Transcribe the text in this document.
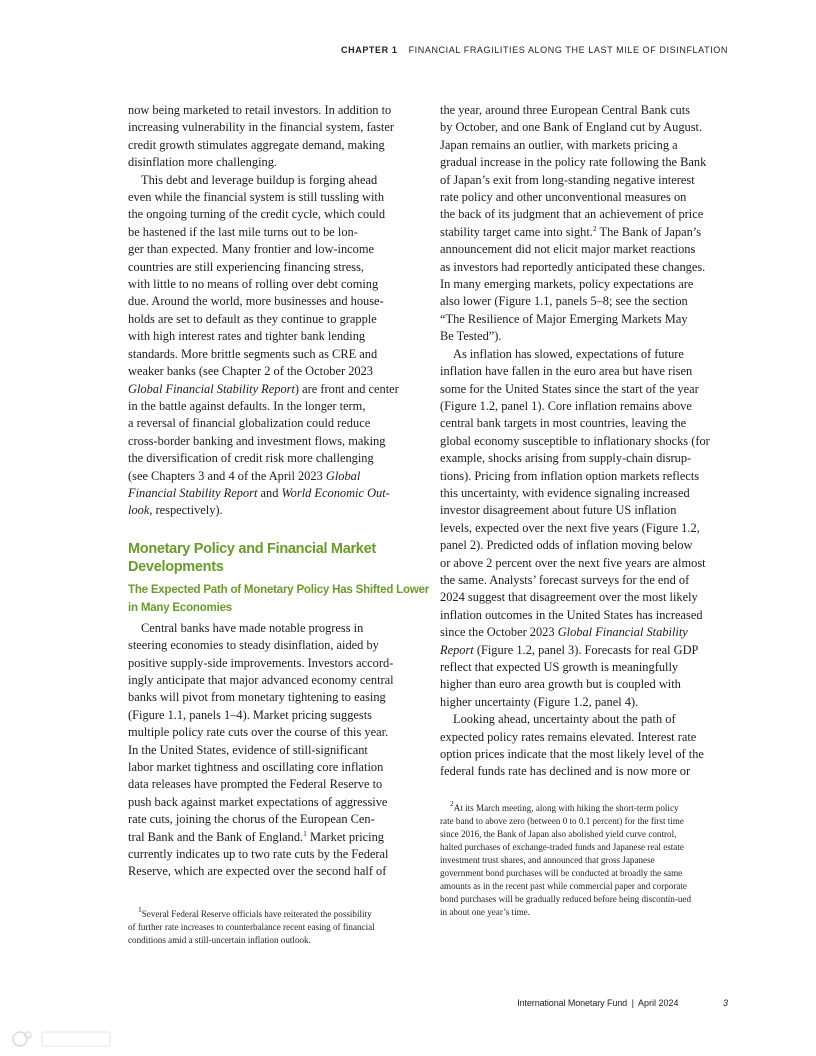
CHAPTER 1 FINANCIAL FRAGILITIES ALONG THE LAST MILE OF DISINFLATION
now being marketed to retail investors. In addition to
increasing vulnerability in the financial system, faster
credit growth stimulates aggregate demand, making
disinflation more challenging.
This debt and leverage buildup is forging ahead
even while the financial system is still tussling with
the ongoing turning of the credit cycle, which could
be hastened if the last mile turns out to be lon-
ger than expected. Many frontier and low-income
countries are still experiencing financing stress,
with little to no means of rolling over debt coming
due. Around the world, more businesses and house-
holds are set to default as they continue to grapple
with high interest rates and tighter bank lending
standards. More brittle segments such as CRE and
weaker banks (see Chapter 2 of the October 2023
Global Financial Stability Report) are front and center
in the battle against defaults. In the longer term,
a reversal of financial globalization could reduce
cross-border banking and investment flows, making
the diversification of credit risk more challenging
(see Chapters 3 and 4 of the April 2023 Global
Financial Stability Report and World Economic Out-
look, respectively).
Monetary Policy and Financial Market
Developments
The Expected Path of Monetary Policy Has Shifted Lower
in Many Economies
Central banks have made notable progress in
steering economies to steady disinflation, aided by
positive supply-side improvements. Investors accord-
ingly anticipate that major advanced economy central
banks will pivot from monetary tightening to easing
(Figure 1.1, panels 1–4). Market pricing suggests
multiple policy rate cuts over the course of this year.
In the United States, evidence of still-significant
labor market tightness and oscillating core inflation
data releases have prompted the Federal Reserve to
push back against market expectations of aggressive
rate cuts, joining the chorus of the European Cen-
tral Bank and the Bank of England.$^1$ Market pricing
currently indicates up to two rate cuts by the Federal
Reserve, which are expected over the second half of
$^1$Several Federal Reserve officials have reiterated the possibility
of further rate increases to counterbalance recent easing of financial
conditions amid a still-uncertain inflation outlook.
the year, around three European Central Bank cuts
by October, and one Bank of England cut by August.
Japan remains an outlier, with markets pricing a
gradual increase in the policy rate following the Bank
of Japan’s exit from long-standing negative interest
rate policy and other unconventional measures on
the back of its judgment that an achievement of price
stability target came into sight.$^2$ The Bank of Japan’s
announcement did not elicit major market reactions
as investors had reportedly anticipated these changes.
In many emerging markets, policy expectations are
also lower (Figure 1.1, panels 5–8; see the section
“The Resilience of Major Emerging Markets May
Be Tested”).
As inflation has slowed, expectations of future
inflation have fallen in the euro area but have risen
some for the United States since the start of the year
(Figure 1.2, panel 1). Core inflation remains above
central bank targets in most countries, leaving the
global economy susceptible to inflationary shocks (for
example, shocks arising from supply-chain disrup-
tions). Pricing from inflation option markets reflects
this uncertainty, with evidence signaling increased
investor disagreement about future US inflation
levels, expected over the next five years (Figure 1.2,
panel 2). Predicted odds of inflation moving below
or above 2 percent over the next five years are almost
the same. Analysts’ forecast surveys for the end of
2024 suggest that disagreement over the most likely
inflation outcomes in the United States has increased
since the October 2023 Global Financial Stability
Report (Figure 1.2, panel 3). Forecasts for real GDP
reflect that expected US growth is meaningfully
higher than euro area growth but is coupled with
higher uncertainty (Figure 1.2, panel 4).
Looking ahead, uncertainty about the path of
expected policy rates remains elevated. Interest rate
option prices indicate that the most likely level of the
federal funds rate has declined and is now more or
$^2$At its March meeting, along with hiking the short-term policy
rate band to above zero (between 0 to 0.1 percent) for the first time
since 2016, the Bank of Japan also abolished yield curve control,
halted purchases of exchange-traded funds and Japanese real estate
investment trust shares, and announced that gross Japanese
government bond purchases will be conducted at broadly the same
amounts as in the recent past while commercial paper and corporate
bond purchases will be gradually reduced before being discontin-ued
in about one year’s time.
International Monetary Fund | April 2024	3
